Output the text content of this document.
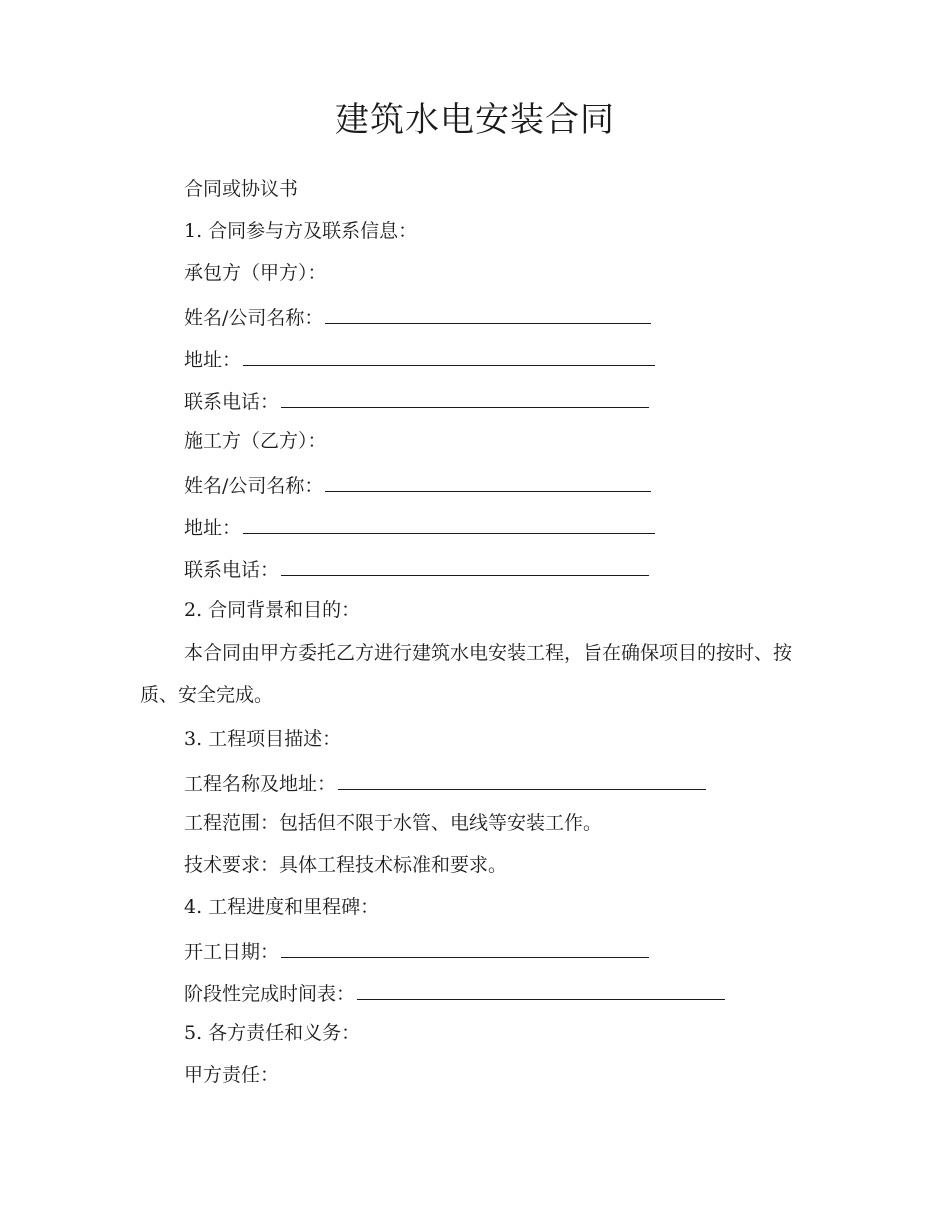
建筑水电安装合同

合同或协议书

1. 合同参与方及联系信息：

承包方（甲方）：

姓名/公司名称：

地址：

联系电话：

施工方（乙方）：

姓名/公司名称：

地址：

联系电话：

2. 合同背景和目的：

本合同由甲方委托乙方进行建筑水电安装工程，旨在确保项目的按时、按质、安全完成。

3. 工程项目描述：

工程名称及地址：

工程范围：包括但不限于水管、电线等安装工作。

技术要求：具体工程技术标准和要求。

4. 工程进度和里程碑：

开工日期：

阶段性完成时间表：

5. 各方责任和义务：

甲方责任：
